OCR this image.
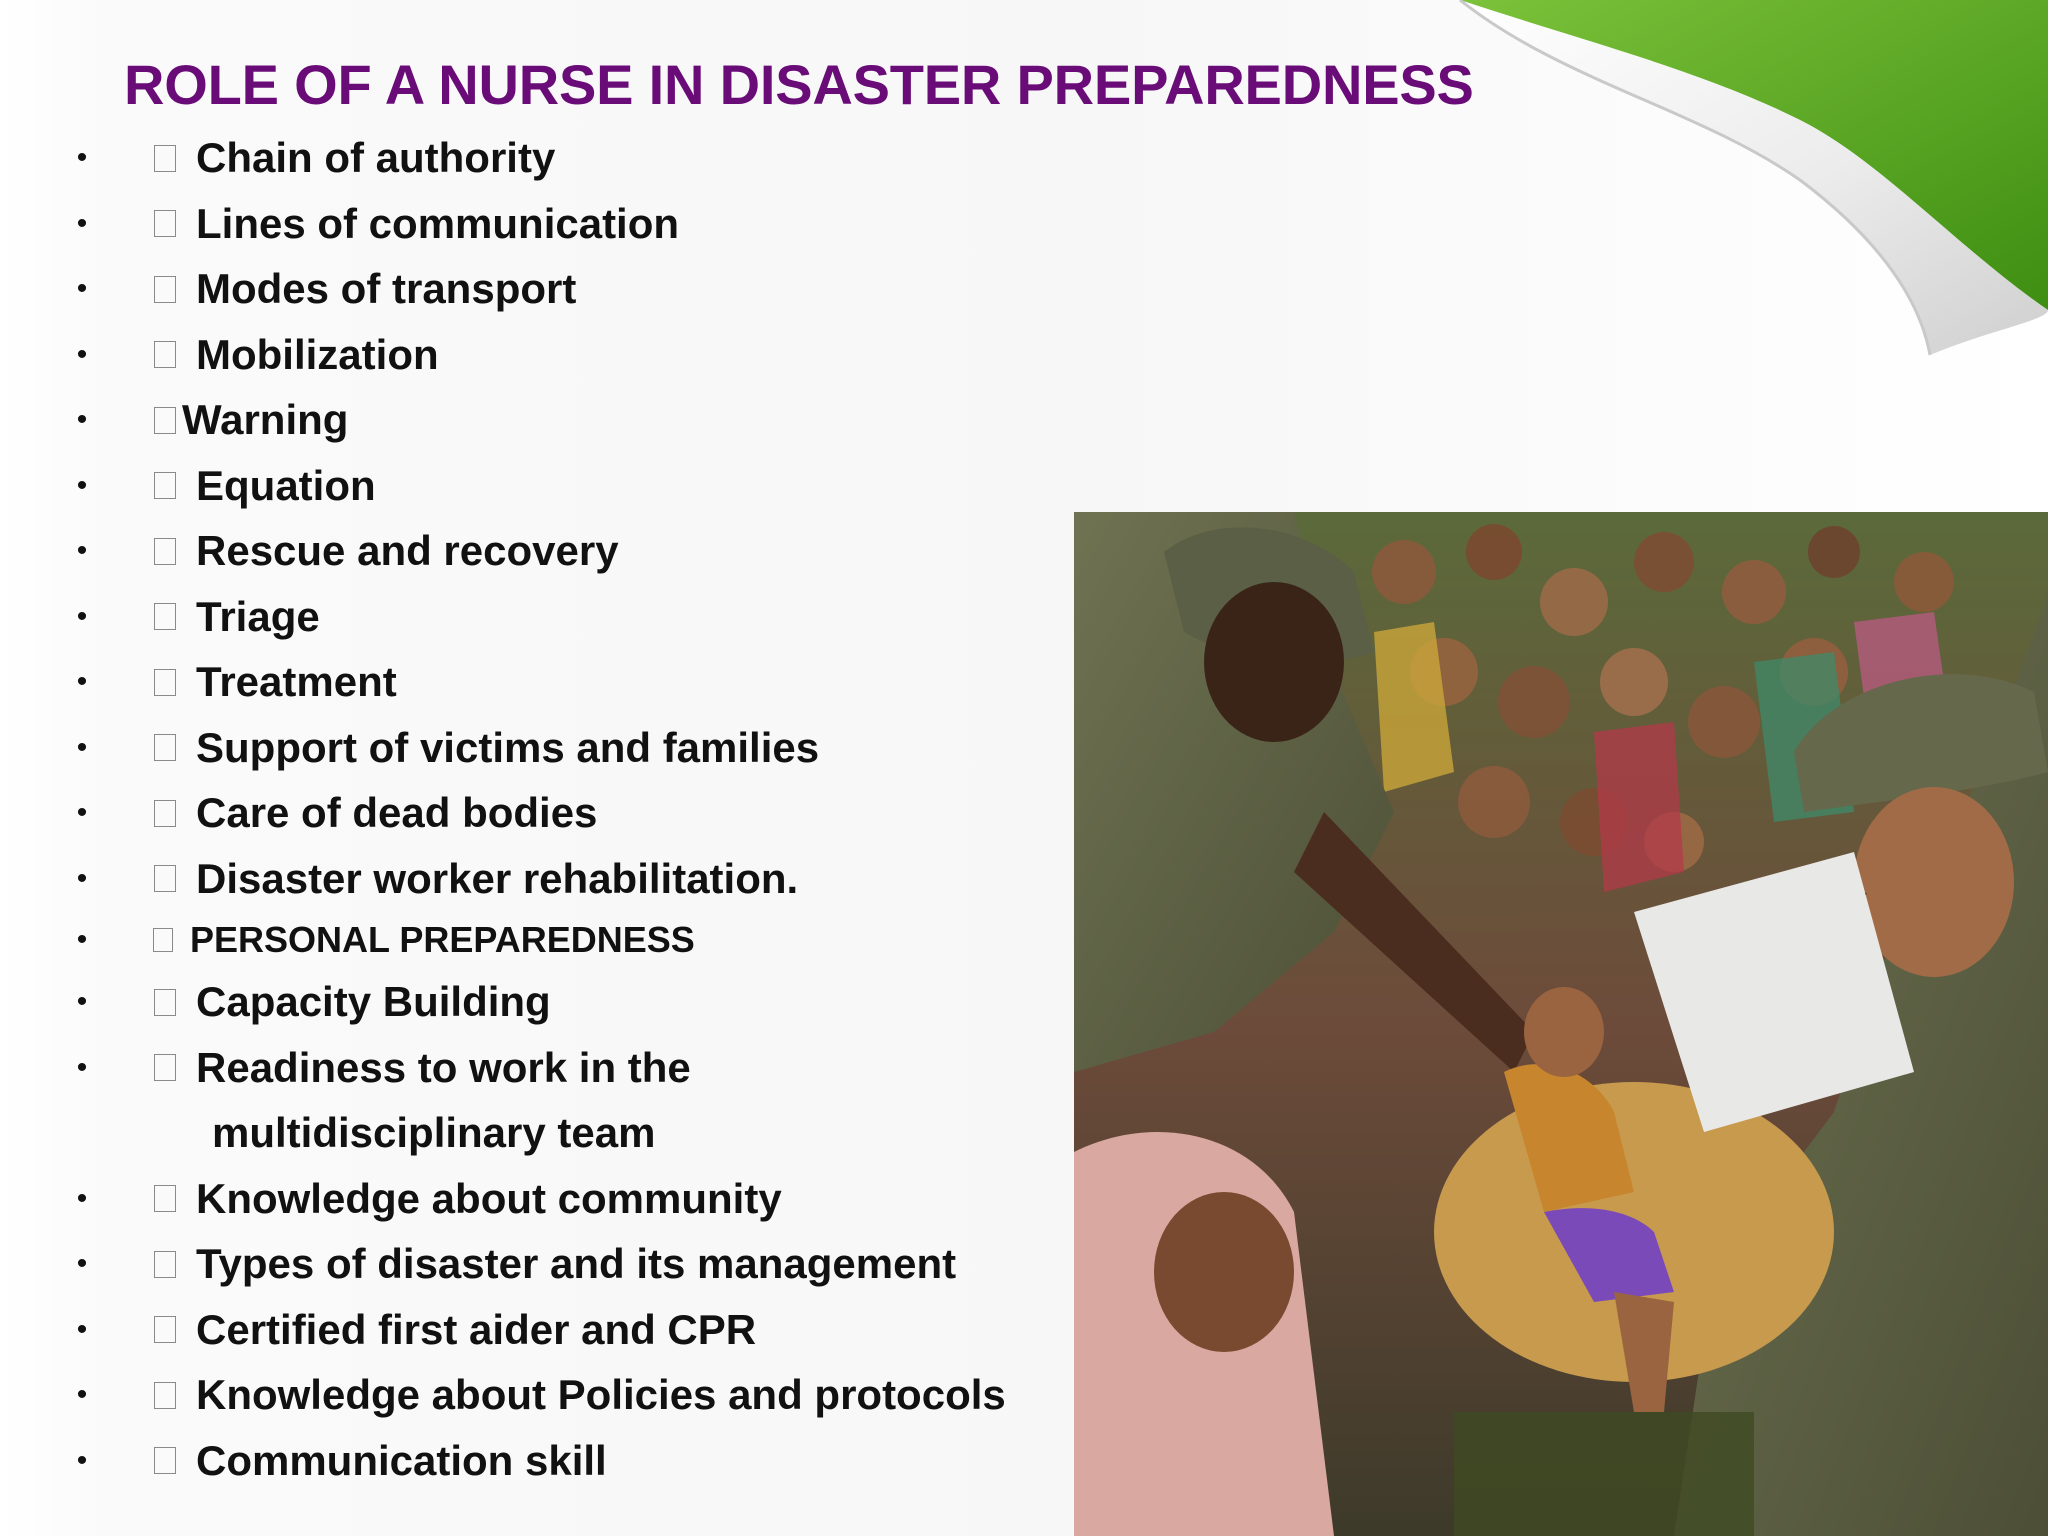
ROLE OF A NURSE IN DISASTER PREPAREDNESS
•	Chain of authority
•	Lines of communication
•	Modes of transport
•	Mobilization
• Warning
•	Equation
•	Rescue and recovery
•	Triage
•	Treatment
•	Support of victims and families
•	Care of dead bodies
•	Disaster worker rehabilitation.
•	PERSONAL PREPAREDNESS
•	Capacity Building
•	Readiness to work in the
multidisciplinary team
•	Knowledge about community
•	Types of disaster and its management
•	Certified first aider and CPR
•	Knowledge about Policies and protocols
•	Communication skill
